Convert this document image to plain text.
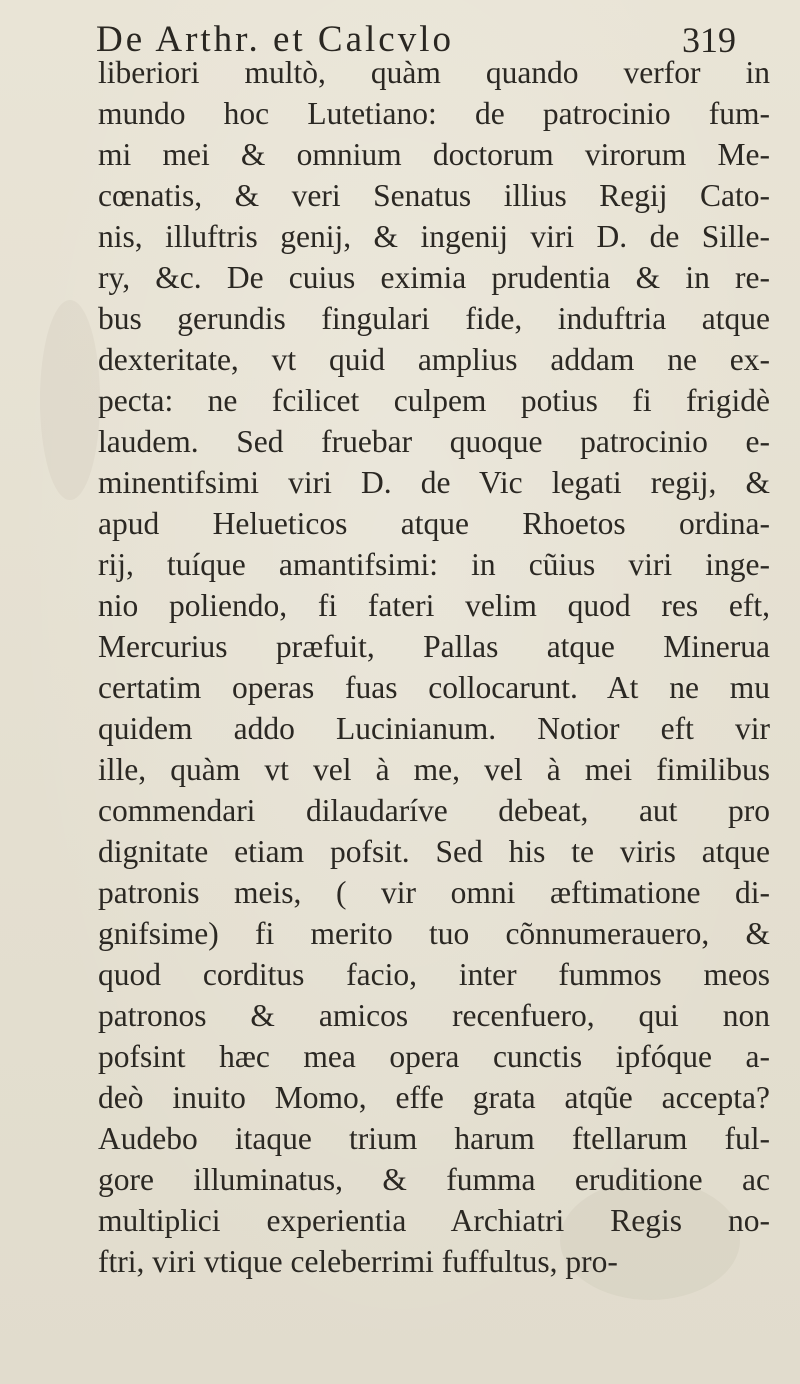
De Arthr. et Calcvlo	319
liberiori multò, quàm quando verfor in
mundo hoc Lutetiano: de patrocinio fum-
mi mei & omnium doctorum virorum Me-
cœnatis, & veri Senatus illius Regij Cato-
nis, illuftris genij, & ingenij viri D. de Sille-
ry, &c. De cuius eximia prudentia & in re-
bus gerundis fingulari fide, induftria atque
dexteritate, vt quid amplius addam ne ex-
pecta: ne fcilicet culpem potius fi frigidè
laudem. Sed fruebar quoque patrocinio e-
minentifsimi viri D. de Vic legati regij, &
apud Helueticos atque Rhoetos ordina-
rij, tuíque amantifsimi: in cũius viri inge-
nio poliendo, fi fateri velim quod res eft,
Mercurius præfuit, Pallas atque Minerua
certatim operas fuas collocarunt. At ne mu
quidem addo Lucinianum. Notior eft vir
ille, quàm vt vel à me, vel à mei fimilibus
commendari dilaudaríve debeat, aut pro
dignitate etiam pofsit. Sed his te viris atque
patronis meis, ( vir omni æftimatione di-
gnifsime) fi merito tuo cõnnumerauero, &
quod corditus facio, inter fummos meos
patronos & amicos recenfuero, qui non
pofsint hæc mea opera cunctis ipfóque a-
deò inuito Momo, effe grata atqũe accepta?
Audebo itaque trium harum ftellarum ful-
gore illuminatus, & fumma eruditione ac
multiplici experientia Archiatri Regis no-
ftri, viri vtique celeberrimi fuffultus, pro-
